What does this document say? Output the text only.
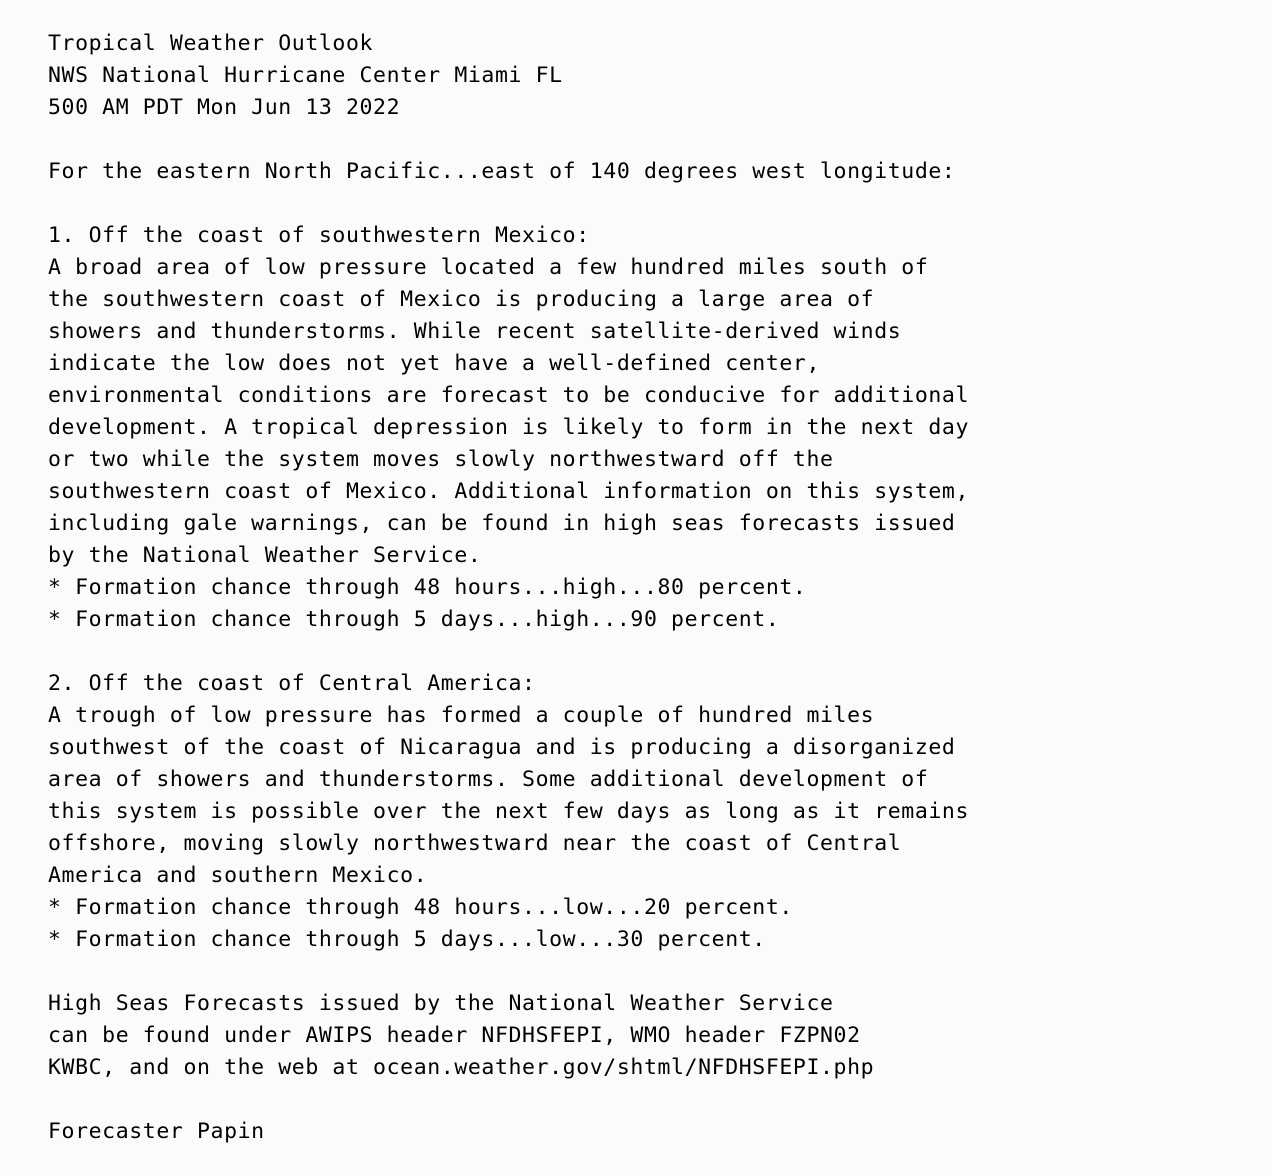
Tropical Weather Outlook
NWS National Hurricane Center Miami FL
500 AM PDT Mon Jun 13 2022
For the eastern North Pacific...east of 140 degrees west longitude:
1. Off the coast of southwestern Mexico:
A broad area of low pressure located a few hundred miles south of
the southwestern coast of Mexico is producing a large area of
showers and thunderstorms. While recent satellite-derived winds
indicate the low does not yet have a well-defined center,
environmental conditions are forecast to be conducive for additional
development. A tropical depression is likely to form in the next day
or two while the system moves slowly northwestward off the
southwestern coast of Mexico. Additional information on this system,
including gale warnings, can be found in high seas forecasts issued
by the National Weather Service.
* Formation chance through 48 hours...high...80 percent.
* Formation chance through 5 days...high...90 percent.
2. Off the coast of Central America:
A trough of low pressure has formed a couple of hundred miles
southwest of the coast of Nicaragua and is producing a disorganized
area of showers and thunderstorms. Some additional development of
this system is possible over the next few days as long as it remains
offshore, moving slowly northwestward near the coast of Central
America and southern Mexico.
* Formation chance through 48 hours...low...20 percent.
* Formation chance through 5 days...low...30 percent.
High Seas Forecasts issued by the National Weather Service
can be found under AWIPS header NFDHSFEPI, WMO header FZPN02
KWBC, and on the web at ocean.weather.gov/shtml/NFDHSFEPI.php
Forecaster Papin
